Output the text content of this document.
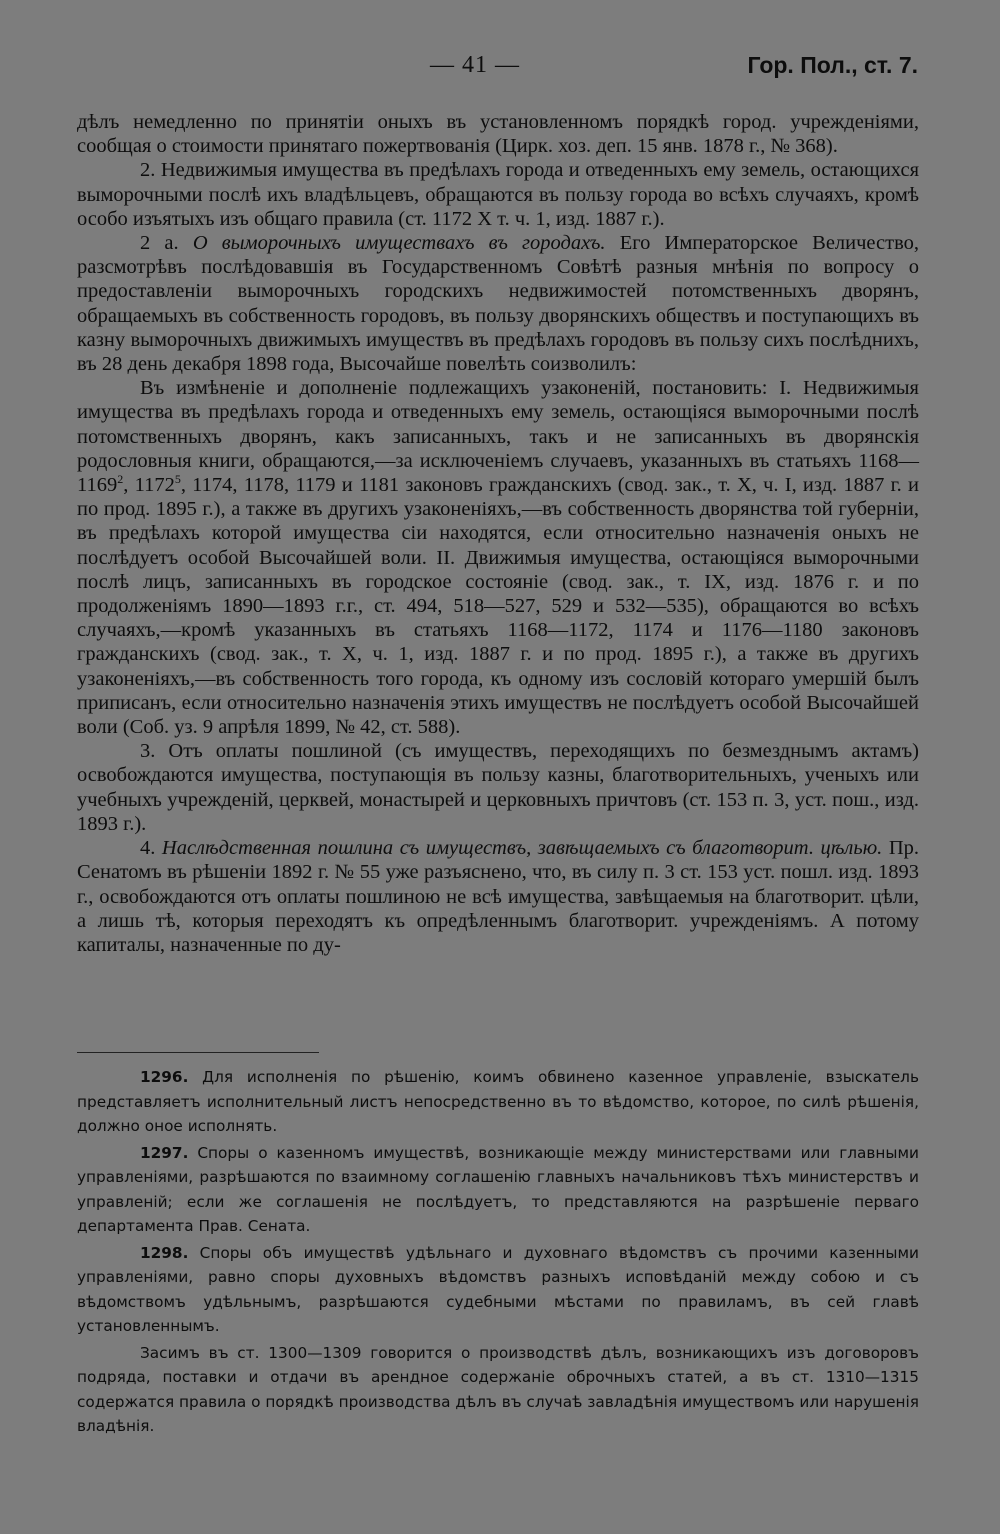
— 41 —	Гор. Пол., ст. 7.

дѣлъ немедленно по принятіи оныхъ въ установленномъ порядкѣ город. учрежденіями, сообщая о стоимости принятаго пожертвованія (Цирк. хоз. деп. 15 янв. 1878 г., № 368).

2. Недвижимыя имущества въ предѣлахъ города и отведенныхъ ему земель, остающихся выморочными послѣ ихъ владѣльцевъ, обращаются въ пользу города во всѣхъ случаяхъ, кромѣ особо изъятыхъ изъ общаго правила (ст. 1172 Х т. ч. 1, изд. 1887 г.).

2 а. О выморочныхъ имуществахъ въ городахъ. Его Императорское Величество, разсмотрѣвъ послѣдовавшія въ Государственномъ Совѣтѣ разныя мнѣнія по вопросу о предоставленіи выморочныхъ городскихъ недвижимостей потомственныхъ дворянъ, обращаемыхъ въ собственность городовъ, въ пользу дворянскихъ обществъ и поступающихъ въ казну выморочныхъ движимыхъ имуществъ въ предѣлахъ городовъ въ пользу сихъ послѣднихъ, въ 28 день декабря 1898 года, Высочайше повелѣть соизволилъ:

Въ измѣненіе и дополненіе подлежащихъ узаконеній, постановить: I. Недвижимыя имущества въ предѣлахъ города и отведенныхъ ему земель, остающіяся выморочными послѣ потомственныхъ дворянъ, какъ записанныхъ, такъ и не записанныхъ въ дворянскія родословныя книги, обращаются,—за исключеніемъ случаевъ, указанныхъ въ статьяхъ 1168—1169$^2$, 1172$^5$, 1174, 1178, 1179 и 1181 законовъ гражданскихъ (свод. зак., т. X, ч. I, изд. 1887 г. и по прод. 1895 г.), а также въ другихъ узаконеніяхъ,—въ собственность дворянства той губерніи, въ предѣлахъ которой имущества сіи находятся, если относительно назначенія оныхъ не послѣдуетъ особой Высочайшей воли. II. Движимыя имущества, остающіяся выморочными послѣ лицъ, записанныхъ въ городское состояніе (свод. зак., т. IX, изд. 1876 г. и по продолженіямъ 1890—1893 г.г., ст. 494, 518—527, 529 и 532—535), обращаются во всѣхъ случаяхъ,—кромѣ указанныхъ въ статьяхъ 1168—1172, 1174 и 1176—1180 законовъ гражданскихъ (свод. зак., т. X, ч. 1, изд. 1887 г. и по прод. 1895 г.), а также въ другихъ узаконеніяхъ,—въ собственность того города, къ одному изъ сословій котораго умершій былъ приписанъ, если относительно назначенія этихъ имуществъ не послѣдуетъ особой Высочайшей воли (Соб. уз. 9 апрѣля 1899, № 42, ст. 588).

3. Отъ оплаты пошлиной (съ имуществъ, переходящихъ по безмезднымъ актамъ) освобождаются имущества, поступающія въ пользу казны, благотворительныхъ, ученыхъ или учебныхъ учрежденій, церквей, монастырей и церковныхъ причтовъ (ст. 153 п. 3, уст. пош., изд. 1893 г.).

4. Наслѣдственная пошлина съ имуществъ, завѣщаемыхъ съ благотворит. цѣлью. Пр. Сенатомъ въ рѣшеніи 1892 г. № 55 уже разъяснено, что, въ силу п. 3 ст. 153 уст. пошл. изд. 1893 г., освобождаются отъ оплаты пошлиною не всѣ имущества, завѣщаемыя на благотворит. цѣли, а лишь тѣ, которыя переходятъ къ опредѣленнымъ благотворит. учрежденіямъ. А потому капиталы, назначенные по ду-

1296. Для исполненія по рѣшенію, коимъ обвинено казенное управленіе, взыскатель представляетъ исполнительный листъ непосредственно въ то вѣдомство, которое, по силѣ рѣшенія, должно оное исполнять.

1297. Споры о казенномъ имуществѣ, возникающіе между министерствами или главными управленіями, разрѣшаются по взаимному соглашенію главныхъ начальниковъ тѣхъ министерствъ и управленій; если же соглашенія не послѣдуетъ, то представляются на разрѣшеніе перваго департамента Прав. Сената.

1298. Споры объ имуществѣ удѣльнаго и духовнаго вѣдомствъ съ прочими казенными управленіями, равно споры духовныхъ вѣдомствъ разныхъ исповѣданій между собою и съ вѣдомствомъ удѣльнымъ, разрѣшаются судебными мѣстами по правиламъ, въ сей главѣ установленнымъ.

Засимъ въ ст. 1300—1309 говорится о производствѣ дѣлъ, возникающихъ изъ договоровъ подряда, поставки и отдачи въ арендное содержаніе оброчныхъ статей, а въ ст. 1310—1315 содержатся правила о порядкѣ производства дѣлъ въ случаѣ завладѣнія имуществомъ или нарушенія владѣнія.
